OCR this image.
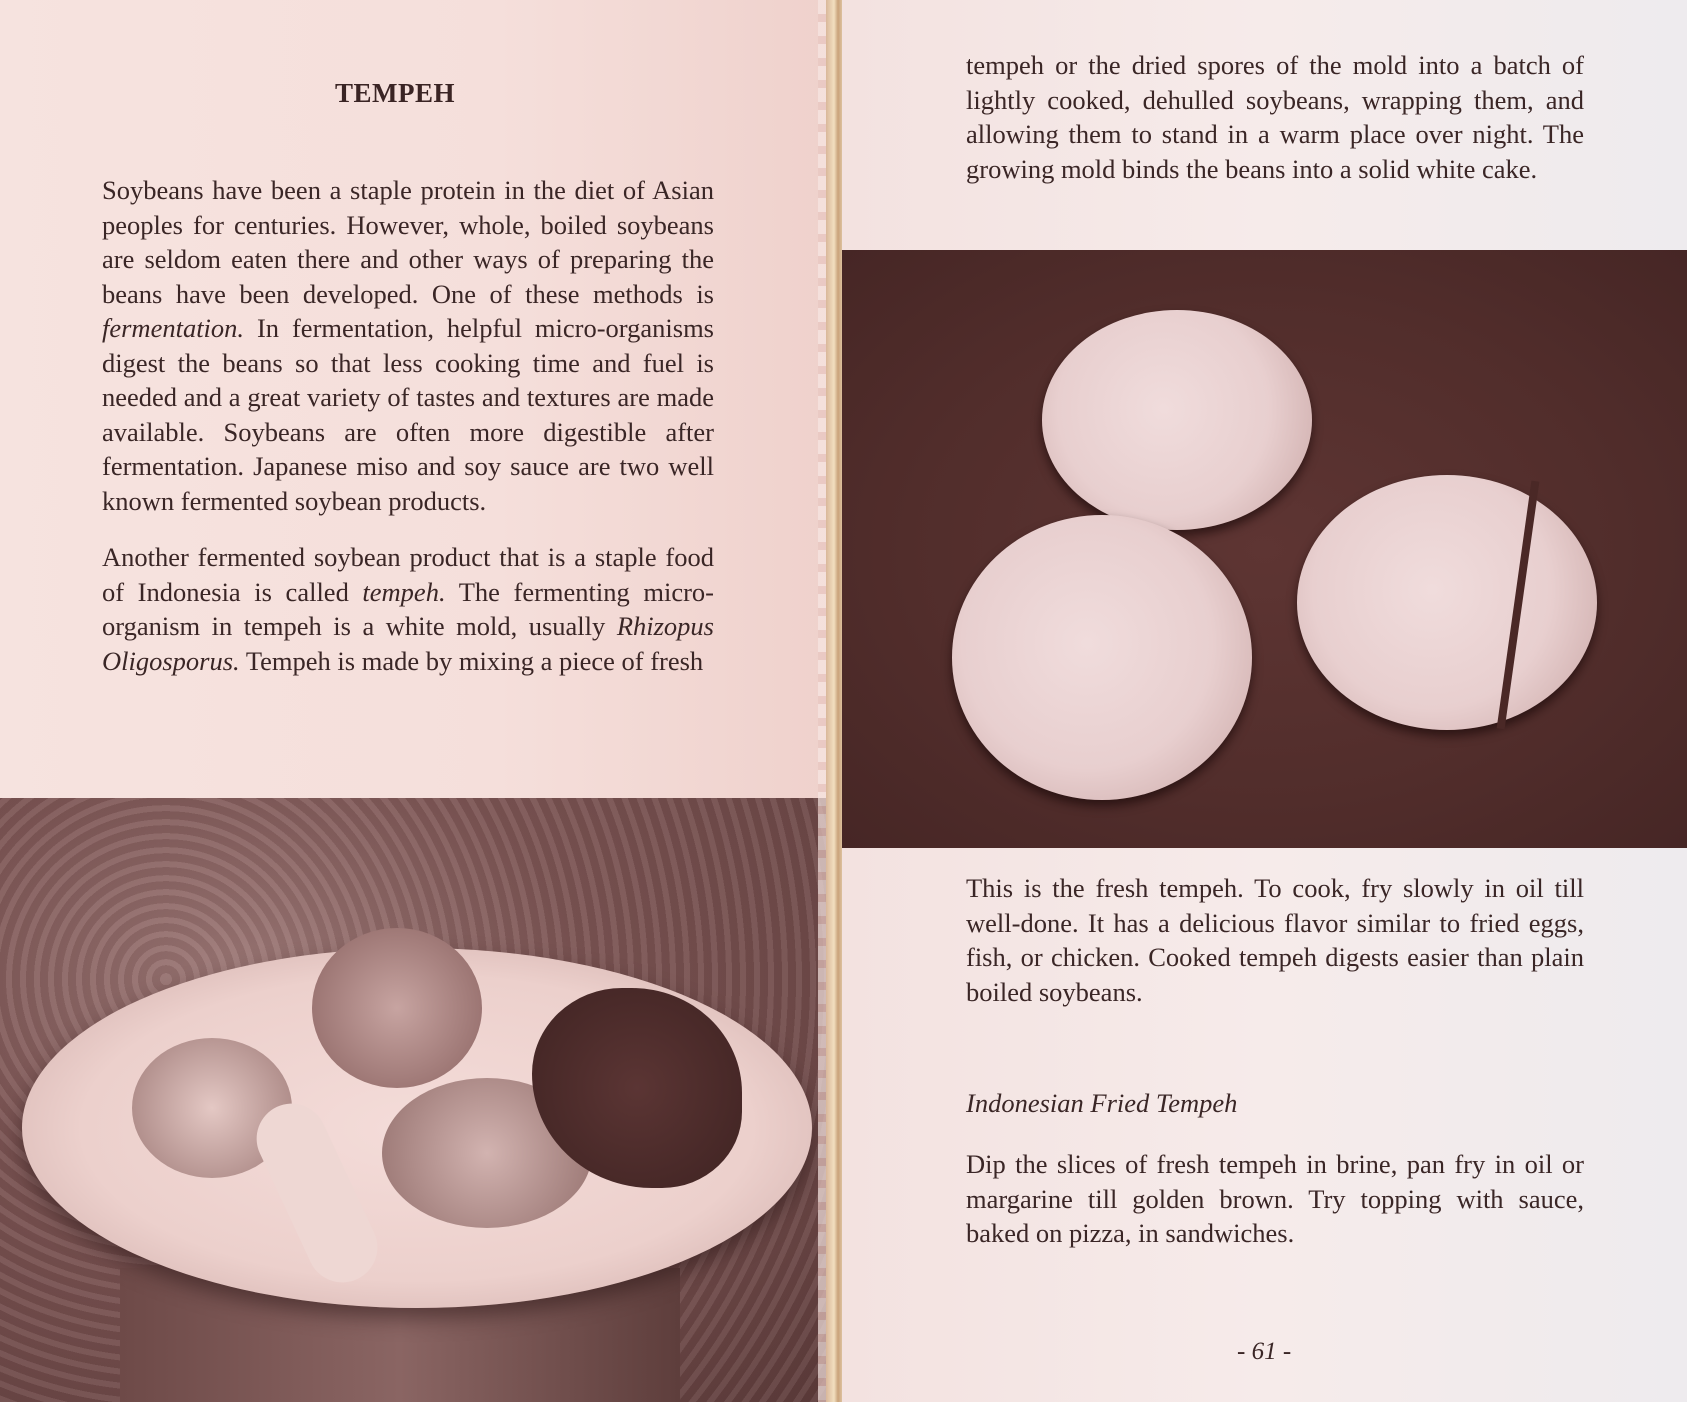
TEMPEH

Soybeans have been a staple protein in the diet of Asian peoples for centuries. However, whole, boiled soybeans are seldom eaten there and other ways of preparing the beans have been developed. One of these methods is fermentation. In fermentation, helpful micro-organisms digest the beans so that less cooking time and fuel is needed and a great variety of tastes and textures are made available. Soybeans are often more digestible after fermentation. Japanese miso and soy sauce are two well known fermented soybean products.

Another fermented soybean product that is a staple food of Indonesia is called tempeh. The fermenting micro-organism in tempeh is a white mold, usually Rhizopus Oligosporus. Tempeh is made by mixing a piece of fresh

tempeh or the dried spores of the mold into a batch of lightly cooked, dehulled soybeans, wrapping them, and allowing them to stand in a warm place over night. The growing mold binds the beans into a solid white cake.

This is the fresh tempeh. To cook, fry slowly in oil till well-done. It has a delicious flavor similar to fried eggs, fish, or chicken. Cooked tempeh digests easier than plain boiled soybeans.

Indonesian Fried Tempeh

Dip the slices of fresh tempeh in brine, pan fry in oil or margarine till golden brown. Try topping with sauce, baked on pizza, in sandwiches.

- 61 -
